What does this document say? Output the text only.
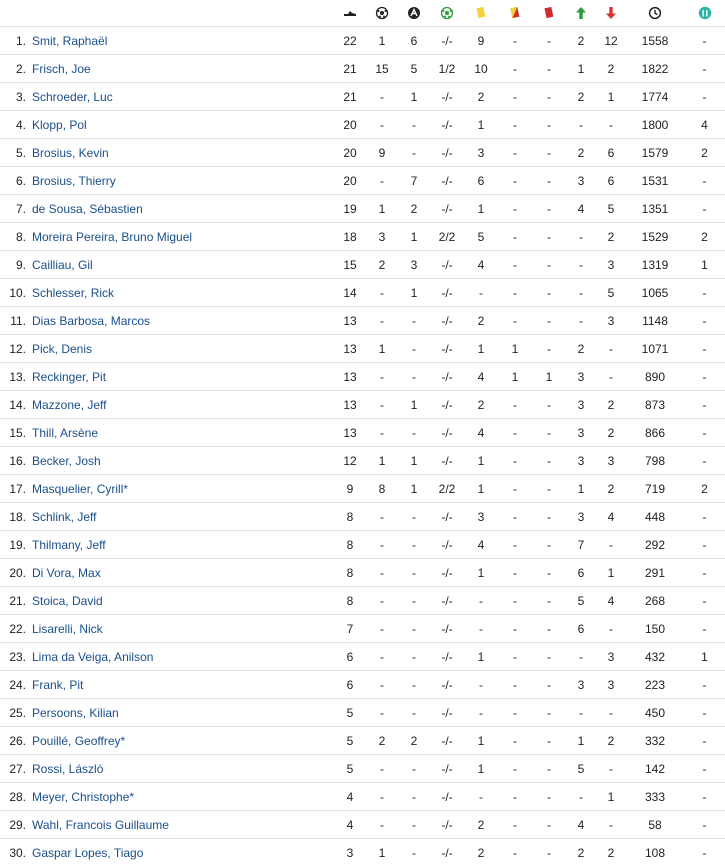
1.	Smit, Raphaël	22	1	6	-/-	9	-	-	2	12	1558	-
2.	Frisch, Joe	21	15	5	1/2	10	-	-	1	2	1822	-
3.	Schroeder, Luc	21	-	1	-/-	2	-	-	2	1	1774	-
4.	Klopp, Pol	20	-	-	-/-	1	-	-	-	-	1800	4
5.	Brosius, Kevin	20	9	-	-/-	3	-	-	2	6	1579	2
6.	Brosius, Thierry	20	-	7	-/-	6	-	-	3	6	1531	-
7.	de Sousa, Sébastien	19	1	2	-/-	1	-	-	4	5	1351	-
8.	Moreira Pereira, Bruno Miguel	18	3	1	2/2	5	-	-	-	2	1529	2
9.	Cailliau, Gil	15	2	3	-/-	4	-	-	-	3	1319	1
10.	Schlesser, Rick	14	-	1	-/-	-	-	-	-	5	1065	-
11.	Dias Barbosa, Marcos	13	-	-	-/-	2	-	-	-	3	1148	-
12.	Pick, Denis	13	1	-	-/-	1	1	-	2	-	1071	-
13.	Reckinger, Pit	13	-	-	-/-	4	1	1	3	-	890	-
14.	Mazzone, Jeff	13	-	1	-/-	2	-	-	3	2	873	-
15.	Thill, Arsène	13	-	-	-/-	4	-	-	3	2	866	-
16.	Becker, Josh	12	1	1	-/-	1	-	-	3	3	798	-
17.	Masquelier, Cyrill*	9	8	1	2/2	1	-	-	1	2	719	2
18.	Schlink, Jeff	8	-	-	-/-	3	-	-	3	4	448	-
19.	Thilmany, Jeff	8	-	-	-/-	4	-	-	7	-	292	-
20.	Di Vora, Max	8	-	-	-/-	1	-	-	6	1	291	-
21.	Stoica, David	8	-	-	-/-	-	-	-	5	4	268	-
22.	Lisarelli, Nick	7	-	-	-/-	-	-	-	6	-	150	-
23.	Lima da Veiga, Anilson	6	-	-	-/-	1	-	-	-	3	432	1
24.	Frank, Pit	6	-	-	-/-	-	-	-	3	3	223	-
25.	Persoons, Kilian	5	-	-	-/-	-	-	-	-	-	450	-
26.	Pouillé, Geoffrey*	5	2	2	-/-	1	-	-	1	2	332	-
27.	Rossi, László	5	-	-	-/-	1	-	-	5	-	142	-
28.	Meyer, Christophe*	4	-	-	-/-	-	-	-	-	1	333	-
29.	Wahl, Francois Guillaume	4	-	-	-/-	2	-	-	4	-	58	-
30.	Gaspar Lopes, Tiago	3	1	-	-/-	2	-	-	2	2	108	-
